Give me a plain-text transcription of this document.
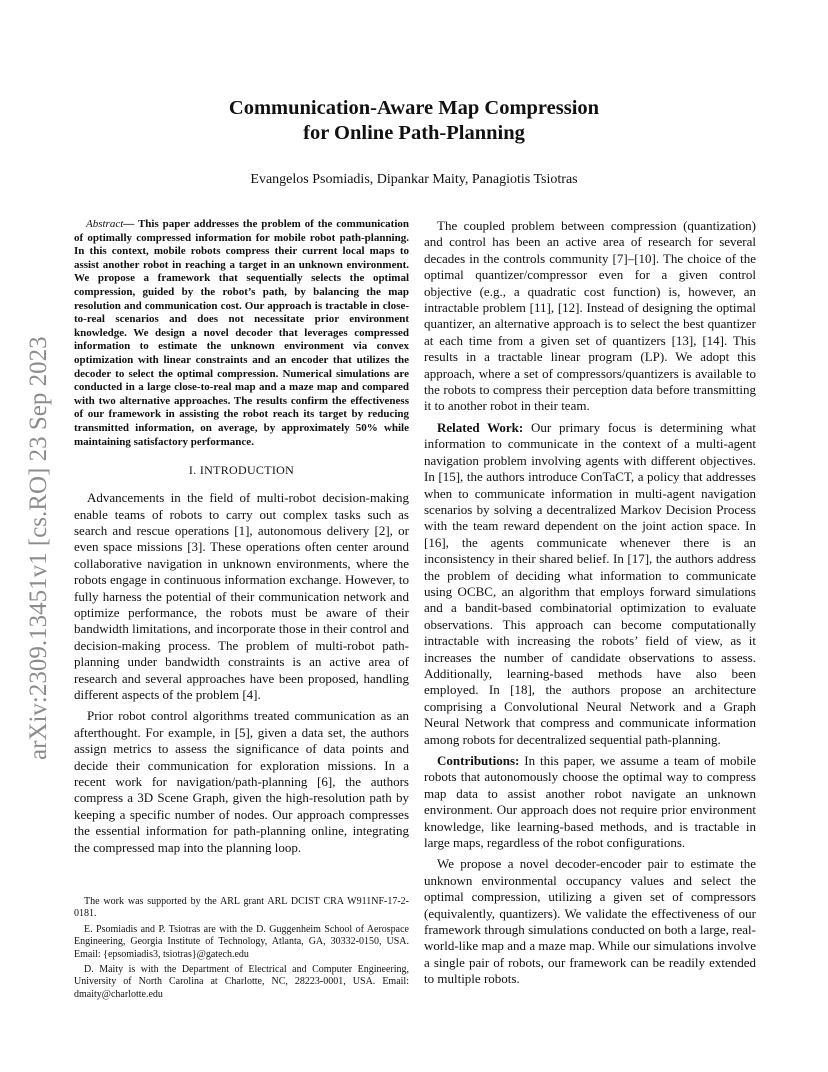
arXiv:2309.13451v1 [cs.RO] 23 Sep 2023
Communication-Aware Map Compression
for Online Path-Planning
Evangelos Psomiadis, Dipankar Maity, Panagiotis Tsiotras

Abstract— This paper addresses the problem of the communication of optimally compressed information for mobile robot path-planning. In this context, mobile robots compress their current local maps to assist another robot in reaching a target in an unknown environment. We propose a framework that sequentially selects the optimal compression, guided by the robot’s path, by balancing the map resolution and communication cost. Our approach is tractable in close-to-real scenarios and does not necessitate prior environment knowledge. We design a novel decoder that leverages compressed information to estimate the unknown environment via convex optimization with linear constraints and an encoder that utilizes the decoder to select the optimal compression. Numerical simulations are conducted in a large close-to-real map and a maze map and compared with two alternative approaches. The results confirm the effectiveness of our framework in assisting the robot reach its target by reducing transmitted information, on average, by approximately 50% while maintaining satisfactory performance.

I. INTRODUCTION

Advancements in the field of multi-robot decision-making enable teams of robots to carry out complex tasks such as search and rescue operations [1], autonomous delivery [2], or even space missions [3]. These operations often center around collaborative navigation in unknown environments, where the robots engage in continuous information exchange. However, to fully harness the potential of their communication network and optimize performance, the robots must be aware of their bandwidth limitations, and incorporate those in their control and decision-making process. The problem of multi-robot path-planning under bandwidth constraints is an active area of research and several approaches have been proposed, handling different aspects of the problem [4].

Prior robot control algorithms treated communication as an afterthought. For example, in [5], given a data set, the authors assign metrics to assess the significance of data points and decide their communication for exploration missions. In a recent work for navigation/path-planning [6], the authors compress a 3D Scene Graph, given the high-resolution path by keeping a specific number of nodes. Our approach compresses the essential information for path-planning online, integrating the compressed map into the planning loop.

The work was supported by the ARL grant ARL DCIST CRA W911NF-17-2-0181.

E. Psomiadis and P. Tsiotras are with the D. Guggenheim School of Aerospace Engineering, Georgia Institute of Technology, Atlanta, GA, 30332-0150, USA. Email: {epsomiadis3, tsiotras}@gatech.edu

D. Maity is with the Department of Electrical and Computer Engineering, University of North Carolina at Charlotte, NC, 28223-0001, USA. Email: dmaity@charlotte.edu

The coupled problem between compression (quantization) and control has been an active area of research for several decades in the controls community [7]–[10]. The choice of the optimal quantizer/compressor even for a given control objective (e.g., a quadratic cost function) is, however, an intractable problem [11], [12]. Instead of designing the optimal quantizer, an alternative approach is to select the best quantizer at each time from a given set of quantizers [13], [14]. This results in a tractable linear program (LP). We adopt this approach, where a set of compressors/quantizers is available to the robots to compress their perception data before transmitting it to another robot in their team.

Related Work: Our primary focus is determining what information to communicate in the context of a multi-agent navigation problem involving agents with different objectives. In [15], the authors introduce ConTaCT, a policy that addresses when to communicate information in multi-agent navigation scenarios by solving a decentralized Markov Decision Process with the team reward dependent on the joint action space. In [16], the agents communicate whenever there is an inconsistency in their shared belief. In [17], the authors address the problem of deciding what information to communicate using OCBC, an algorithm that employs forward simulations and a bandit-based combinatorial optimization to evaluate observations. This approach can become computationally intractable with increasing the robots’ field of view, as it increases the number of candidate observations to assess. Additionally, learning-based methods have also been employed. In [18], the authors propose an architecture comprising a Convolutional Neural Network and a Graph Neural Network that compress and communicate information among robots for decentralized sequential path-planning.

Contributions: In this paper, we assume a team of mobile robots that autonomously choose the optimal way to compress map data to assist another robot navigate an unknown environment. Our approach does not require prior environment knowledge, like learning-based methods, and is tractable in large maps, regardless of the robot configurations.

We propose a novel decoder-encoder pair to estimate the unknown environmental occupancy values and select the optimal compression, utilizing a given set of compressors (equivalently, quantizers). We validate the effectiveness of our framework through simulations conducted on both a large, real-world-like map and a maze map. While our simulations involve a single pair of robots, our framework can be readily extended to multiple robots.
